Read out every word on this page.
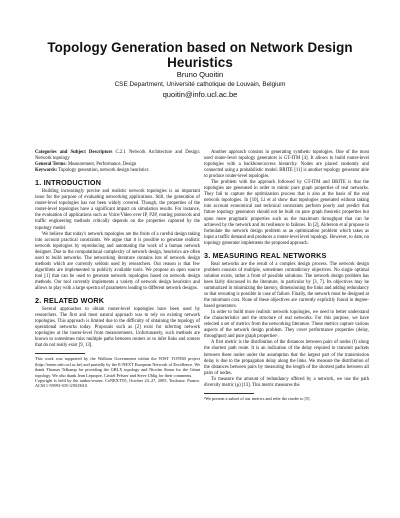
Topology Generation based on Network Design Heuristics
Bruno Quoitin
CSE Department, Université catholique de Louvain, Belgium
quoitin@info.ucl.ac.be

Categories and Subject Descriptors C.2.1 Network Architecture and Design: Network topology

General Terms: Measurement, Performance, Design

Keywords: Topology generation, network design heuristics

1. INTRODUCTION

Building increasingly precise and realistic network topologies is an important issue for the purpose of evaluating networking applications. Still, the generation of router-level topologies has not been widely covered. Though, the properties of the router-level topologies have a significant impact on simulation results. For instance, the evaluation of applications such as Voice/Video over IP, P2P, routing protocols and traffic engineering methods critically depends on the properties captured by the topology model.

We believe that today's network topologies are the fruits of a careful design taking into account practical constraints. We argue that it is possible to generate realistic network topologies by reproducing and automating the work of a human network designer. Due to the computational complexity of network design, heuristics are often used to build networks. The networking literature contains lots of network design methods which are currently seldom used by researchers. Our reason is that few algorithms are implemented in publicly available tools. We propose an open source tool [1] that can be used to generate network topologies based on network design methods. Our tool currently implements a variety of network design heuristics and allows to play with a large spectra of parameters leading to different network designs.

2. RELATED WORK

Several approaches to obtain router-level topologies have been used by researchers. The first and most natural approach was to rely on existing network topologies. This approach is limited due to the difficulty of obtaining the topology of operational networks today. Proposals such as [2] exist for inferring network topologies at the router-level from measurements. Unfortunately, such methods are known to sometimes miss multiple paths between routers or to infer links and routers that do not really exist [9, 13].

This work was supported by the Walloon Government within the WIST TOTEM project (http://totem.info.ucl.ac.be) and partially by the E-NEXT European Network of Excellence. We thank Thomas Telkamp for providing the GBLX topology and Nicolas Simar for the Géant topology. We also thank Jean Lepropre, Cristel Pelsser and Steve Uhlig for their comments.

Copyright is held by the author/owner. CoNEXT'05, October 24–27, 2005, Toulouse, France. ACM 1-59593-035-3/05/0010.

Another approach consists in generating synthetic topologies. One of the most used router-level topology generators is GT-ITM [4]. It allows to build router-level topologies with a backbone/access hierarchy. Nodes are placed randomly and connected using a probabilistic model. BRITE [11] is another topology generator able to produce router-level topologies.

The problem with the approach followed by GT-ITM and BRITE is that the topologies are generated in order to mimic pure graph properties of real networks. They fail to capture the optimization process that is also at the basis of the real network topologies. In [10], Li et al show that topologies generated without taking into account economical and technical constraints perform poorly and predict that future topology generators should not be built on pure graph theoretic properties but upon more pragmatic properties such as the maximum throughput that can be achieved by the network and its resilience to failures. In [2], Alderson et al propose to formulate the network design problem as an optimization problem which takes as input a traffic demand and produces a router-level level topology. However, to date, no topology generator implements the proposed approach.

3. MEASURING REAL NETWORKS

Real networks are the result of a complex design process. The network design problem consists of multiple, sometimes contradictory objectives. No single optimal solution exists, rather a front of possible solutions. The network design problem has been fairly discussed in the literature, in particular by [3, 7]. Its objectives may be summarized in minimizing the latency, dimensioning the links and adding redundancy so that rerouting is possible in case of failure. Finally, the network must be designed at the minimum cost. None of these objectives are currently explicitly found in degree-based generators.

In order to build more realistic network topologies, we need to better understand the characteristics and the structure of real networks. For this purpose, we have selected a set of metrics from the networking literature. These metrics capture various aspects of the network design problem. They cover performance properties (delay, throughput) and pure graph properties¹.

A first metric is the distribution of the distances between pairs of nodes (f) along the shortest path route. It is an indication of the delay required to transmit packets between these nodes under the assumption that the largest part of the transmission delay is due to the propagation delay along the links. We measure the distribution of the distances between pairs by measuring the length of the shortest paths between all pairs of nodes.

To measure the amount of redundancy offered by a network, we use the path diversity metric (ρ) [13]. This metric measures the

¹We present a subset of our metrics and refer the reader to [5].
